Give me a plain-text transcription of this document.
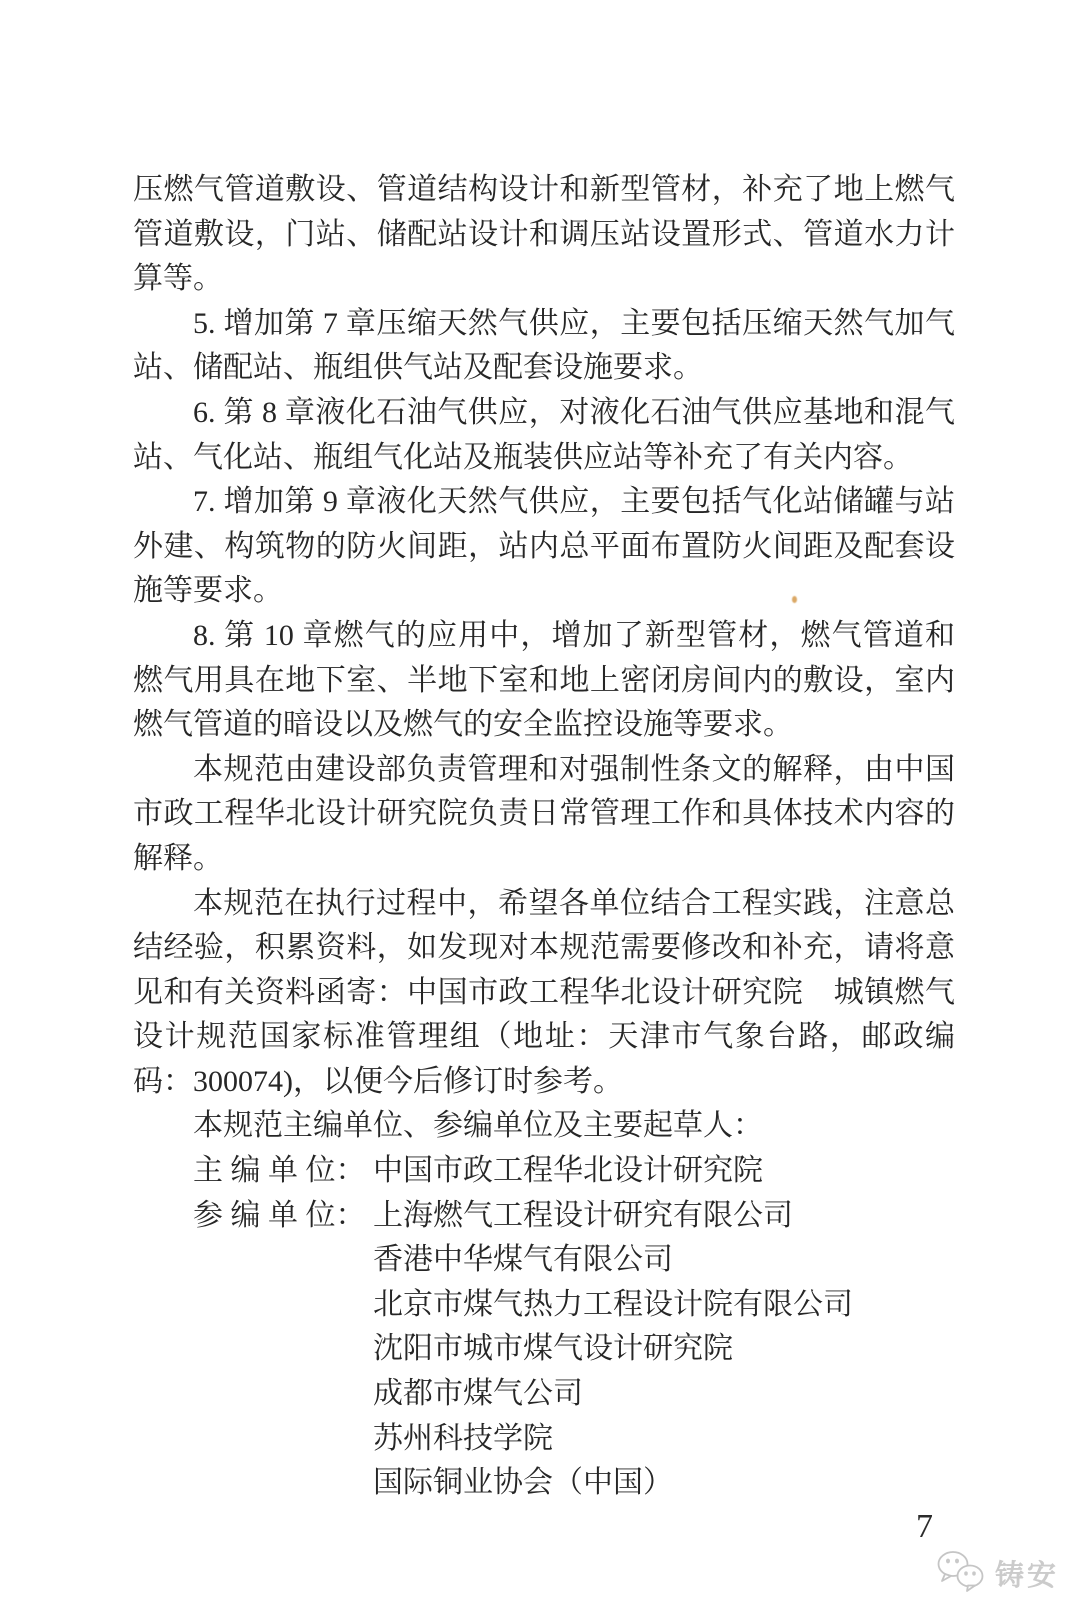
压燃气管道敷设、管道结构设计和新型管材，补充了地上燃气管道敷设，门站、储配站设计和调压站设置形式、管道水力计算等。

5. 增加第 7 章压缩天然气供应，主要包括压缩天然气加气站、储配站、瓶组供气站及配套设施要求。

6. 第 8 章液化石油气供应，对液化石油气供应基地和混气站、气化站、瓶组气化站及瓶装供应站等补充了有关内容。

7. 增加第 9 章液化天然气供应，主要包括气化站储罐与站外建、构筑物的防火间距，站内总平面布置防火间距及配套设施等要求。

8. 第 10 章燃气的应用中，增加了新型管材，燃气管道和燃气用具在地下室、半地下室和地上密闭房间内的敷设，室内燃气管道的暗设以及燃气的安全监控设施等要求。

本规范由建设部负责管理和对强制性条文的解释，由中国市政工程华北设计研究院负责日常管理工作和具体技术内容的解释。

本规范在执行过程中，希望各单位结合工程实践，注意总结经验，积累资料，如发现对本规范需要修改和补充，请将意见和有关资料函寄：中国市政工程华北设计研究院　城镇燃气设计规范国家标准管理组（地址：天津市气象台路，邮政编码：300074)，以便今后修订时参考。

本规范主编单位、参编单位及主要起草人：

主 编 单 位： 中国市政工程华北设计研究院

参 编 单 位： 上海燃气工程设计研究有限公司

香港中华煤气有限公司

北京市煤气热力工程设计院有限公司

沈阳市城市煤气设计研究院

成都市煤气公司

苏州科技学院

国际铜业协会（中国）

7
铸安
